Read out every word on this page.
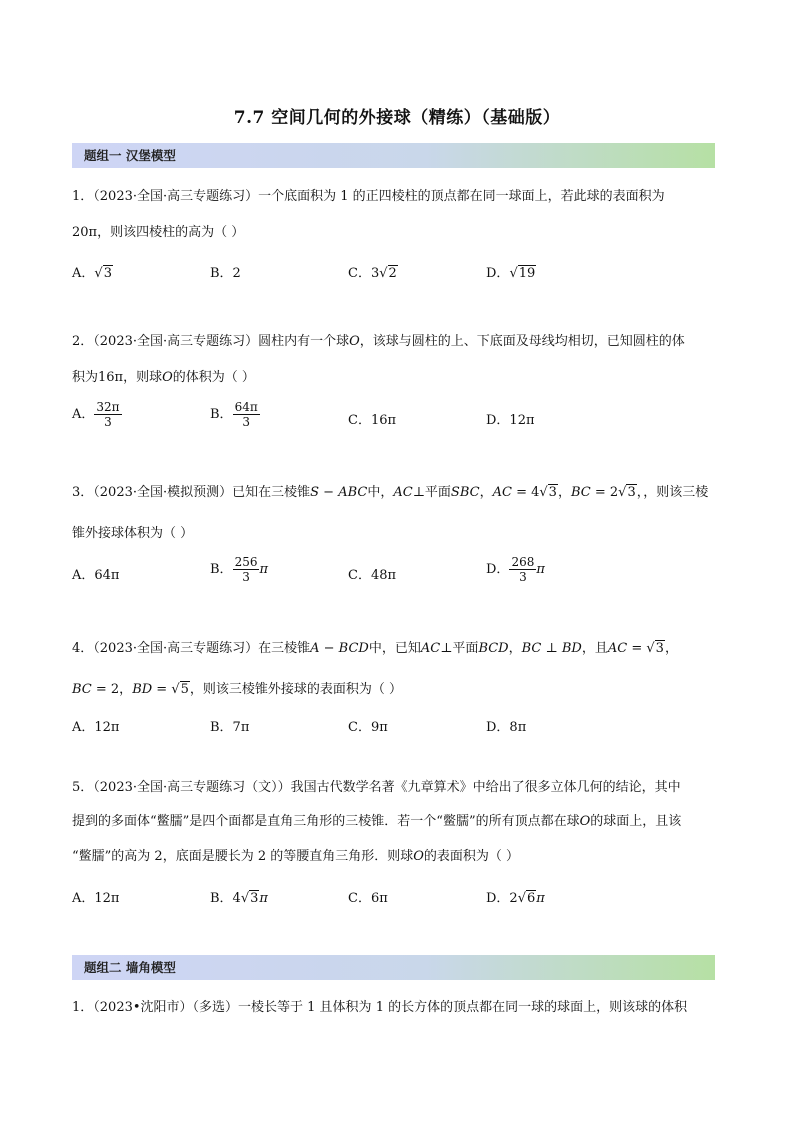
7.7 空间几何的外接球（精练）（基础版）
题组一 汉堡模型
1．（2023·全国·高三专题练习）一个底面积为 1 的正四棱柱的顶点都在同一球面上，若此球的表面积为
20π，则该四棱柱的高为（ ）
A．√3	B．2	C．3√2	D．√19
2．（2023·全国·高三专题练习）圆柱内有一个球O，该球与圆柱的上、下底面及母线均相切，已知圆柱的体
积为16π，则球O的体积为（ ）
A． $\frac{32\pi}{3}$	B． $\frac{64\pi}{3}$	C．16π	D．12π
3．（2023·全国·模拟预测）已知在三棱锥S − ABC中，AC⊥平面SBC，AC = 4√3，BC = 2√3，，则该三棱
锥外接球体积为（ ）
A．64π	B． $\frac{256}{3}$ π	C．48π	D． $\frac{268}{3}$ π
4．（2023·全国·高三专题练习）在三棱锥A − BCD中，已知AC⊥平面BCD，BC ⊥ BD，且AC = √3，
BC = 2，BD = √5，则该三棱锥外接球的表面积为（ ）
A．12π	B．7π	C．9π	D．8π
5．（2023·全国·高三专题练习（文））我国古代数学名著《九章算术》中给出了很多立体几何的结论，其中
提到的多面体“鳖臑”是四个面都是直角三角形的三棱锥．若一个“鳖臑”的所有顶点都在球O的球面上，且该
“鳖臑”的高为 2，底面是腰长为 2 的等腰直角三角形．则球O的表面积为（ ）
A．12π	B．4√3π	C．6π	D．2√6π
题组二 墙角模型
1．（2023•沈阳市）（多选）一棱长等于 1 且体积为 1 的长方体的顶点都在同一球的球面上，则该球的体积
